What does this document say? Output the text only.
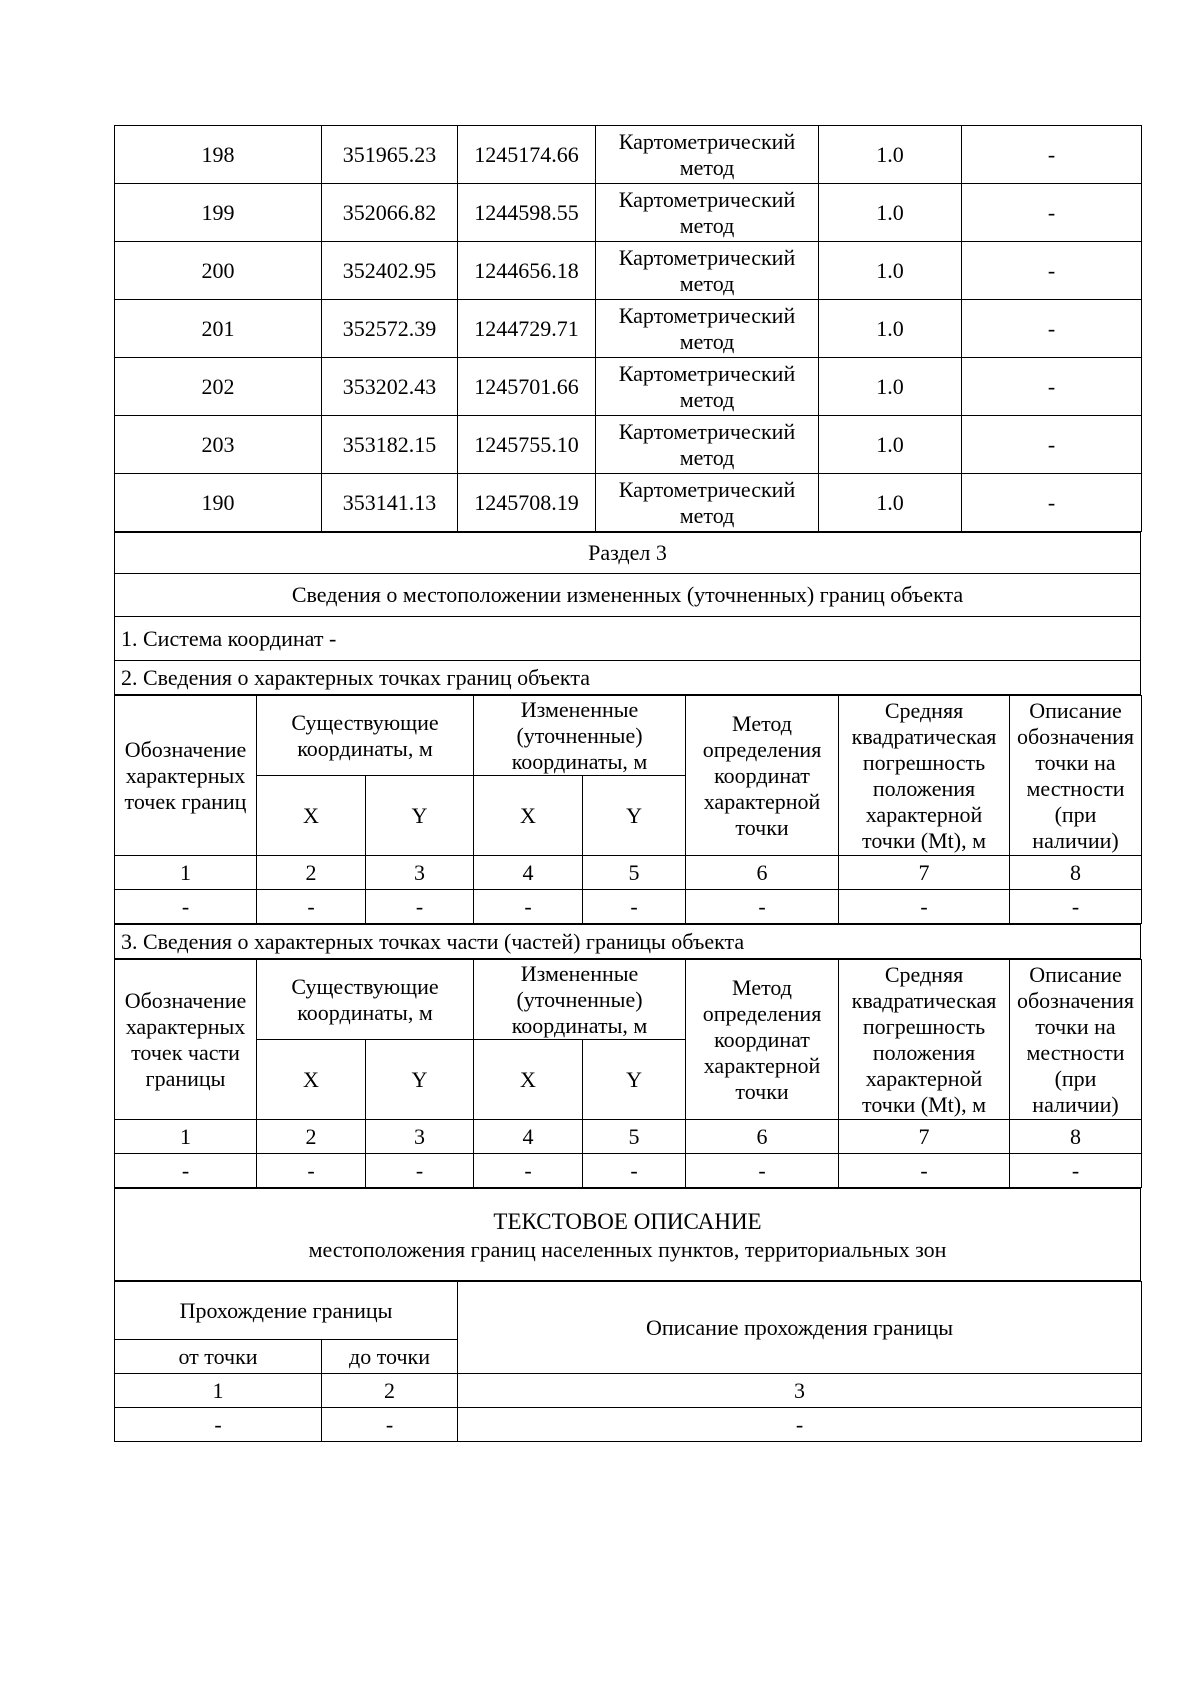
198	351965.23	1245174.66	Картометрический метод	1.0	-
199	352066.82	1244598.55	Картометрический метод	1.0	-
200	352402.95	1244656.18	Картометрический метод	1.0	-
201	352572.39	1244729.71	Картометрический метод	1.0	-
202	353202.43	1245701.66	Картометрический метод	1.0	-
203	353182.15	1245755.10	Картометрический метод	1.0	-
190	353141.13	1245708.19	Картометрический метод	1.0	-
Раздел 3
Сведения о местоположении измененных (уточненных) границ объекта
1. Система координат -
2. Сведения о характерных точках границ объекта
Обозначение характерных точек границ	Существующие координаты, м		Измененные (уточненные) координаты, м		Метод определения координат характерной точки	Средняя квадратическая погрешность положения характерной точки (Mt), м	Описание обозначения точки на местности (при наличии)
	X	Y	X	Y			
1	2	3	4	5	6	7	8
-	-	-	-	-	-	-	-
3. Сведения о характерных точках части (частей) границы объекта
Обозначение характерных точек части границы	Существующие координаты, м		Измененные (уточненные) координаты, м		Метод определения координат характерной точки	Средняя квадратическая погрешность положения характерной точки (Mt), м	Описание обозначения точки на местности (при наличии)
	X	Y	X	Y			
1	2	3	4	5	6	7	8
-	-	-	-	-	-	-	-
ТЕКСТОВОЕ ОПИСАНИЕ
местоположения границ населенных пунктов, территориальных зон
Прохождение границы		Описание прохождения границы
от точки	до точки	
1	2	3
-	-	-
